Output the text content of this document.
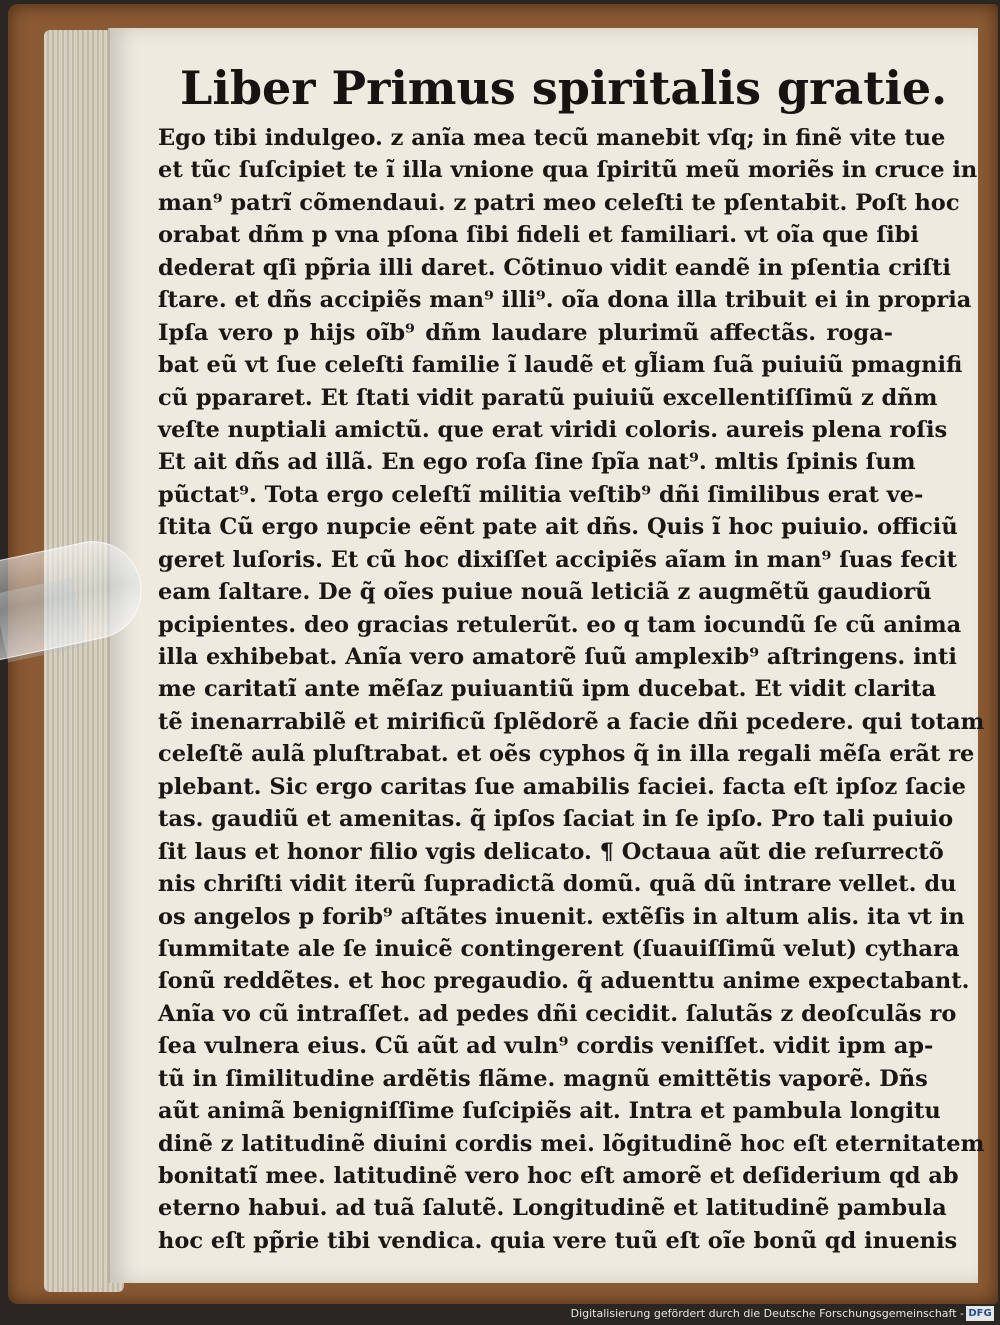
Liber Primus spiritalis gratie.
Ego tibi indulgeo. z anĩa mea tecũ manebit vſq; in finẽ vite tue
et tũc ſuſcipiet te ĩ illa vnione qua ſpiritũ meũ moriẽs in cruce in
man⁹ patrĩ cõmendaui. z patri meo celeſti te pſentabit. Poſt hoc
orabat dñm p vna pſona ſibi fideli et familiari. vt oĩa que ſibi
dederat qſi pp̃ria illi daret. Cõtinuo vidit eandẽ in pſentia criſti
ſtare. et dñs accipiẽs man⁹ illi⁹. oĩa dona illa tribuit ei in propria
Ipſa vero p hijs oĩb⁹ dñm laudare plurimũ affectãs. roga-
bat eũ vt ſue celeſti familie ĩ laudẽ et gl̃iam ſuã puiuiũ pmagnifi
cũ ppararet. Et ſtati vidit paratũ puiuiũ excellentiſſimũ z dñm
veſte nuptiali amictũ. que erat viridi coloris. aureis plena roſis
Et ait dñs ad illã. En ego roſa ſine ſpĩa nat⁹. mltis ſpinis ſum
pũctat⁹. Tota ergo celeſtĩ militia veſtib⁹ dñi ſimilibus erat ve-
ſtita Cũ ergo nupcie eẽnt pate ait dñs. Quis ĩ hoc puiuio. officiũ
geret luſoris. Et cũ hoc dixiſſet accipiẽs aĩam in man⁹ ſuas fecit
eam ſaltare. De q̃ oĩes puiue nouã leticiã z augmẽtũ gaudiorũ
pcipientes. deo gracias retulerũt. eo q tam iocundũ ſe cũ anima
illa exhibebat. Anĩa vero amatorẽ ſuũ amplexib⁹ aſtringens. inti
me caritatĩ ante mẽſaz puiuantiũ ipm ducebat. Et vidit clarita
tẽ inenarrabilẽ et mirificũ ſplẽdorẽ a facie dñi pcedere. qui totam
celeſtẽ aulã pluſtrabat. et oẽs cyphos q̃ in illa regali mẽſa erãt re
plebant. Sic ergo caritas ſue amabilis faciei. facta eſt ipſoz ſacie
tas. gaudiũ et amenitas. q̃ ipſos ſaciat in ſe ipſo. Pro tali puiuio
ſit laus et honor filio vgis delicato. ¶ Octaua aũt die reſurrectõ
nis chriſti vidit iterũ ſupradictã domũ. quã dũ intrare vellet. du
os angelos p forib⁹ aſtãtes inuenit. extẽſis in altum alis. ita vt in
ſummitate ale ſe inuicẽ contingerent (ſuauiſſimũ velut) cythara
ſonũ reddẽtes. et hoc pregaudio. q̃ aduenttu anime expectabant.
Anĩa vo cũ intraſſet. ad pedes dñi cecidit. ſalutãs z deoſculãs ro
ſea vulnera eius. Cũ aũt ad vuln⁹ cordis veniſſet. vidit ipm ap-
tũ in ſimilitudine ardẽtis flãme. magnũ emittẽtis vaporẽ. Dñs
aũt animã benigniſſime ſuſcipiẽs ait. Intra et pambula longitu
dinẽ z latitudinẽ diuini cordis mei. lõgitudinẽ hoc eſt eternitatem
bonitatĩ mee. latitudinẽ vero hoc eſt amorẽ et deſiderium qd ab
eterno habui. ad tuã ſalutẽ. Longitudinẽ et latitudinẽ pambula
hoc eſt pp̃rie tibi vendica. quia vere tuũ eſt oĩe bonũ qd inuenis
Digitalisierung gefördert durch die Deutsche Forschungsgemeinschaft - DFG
